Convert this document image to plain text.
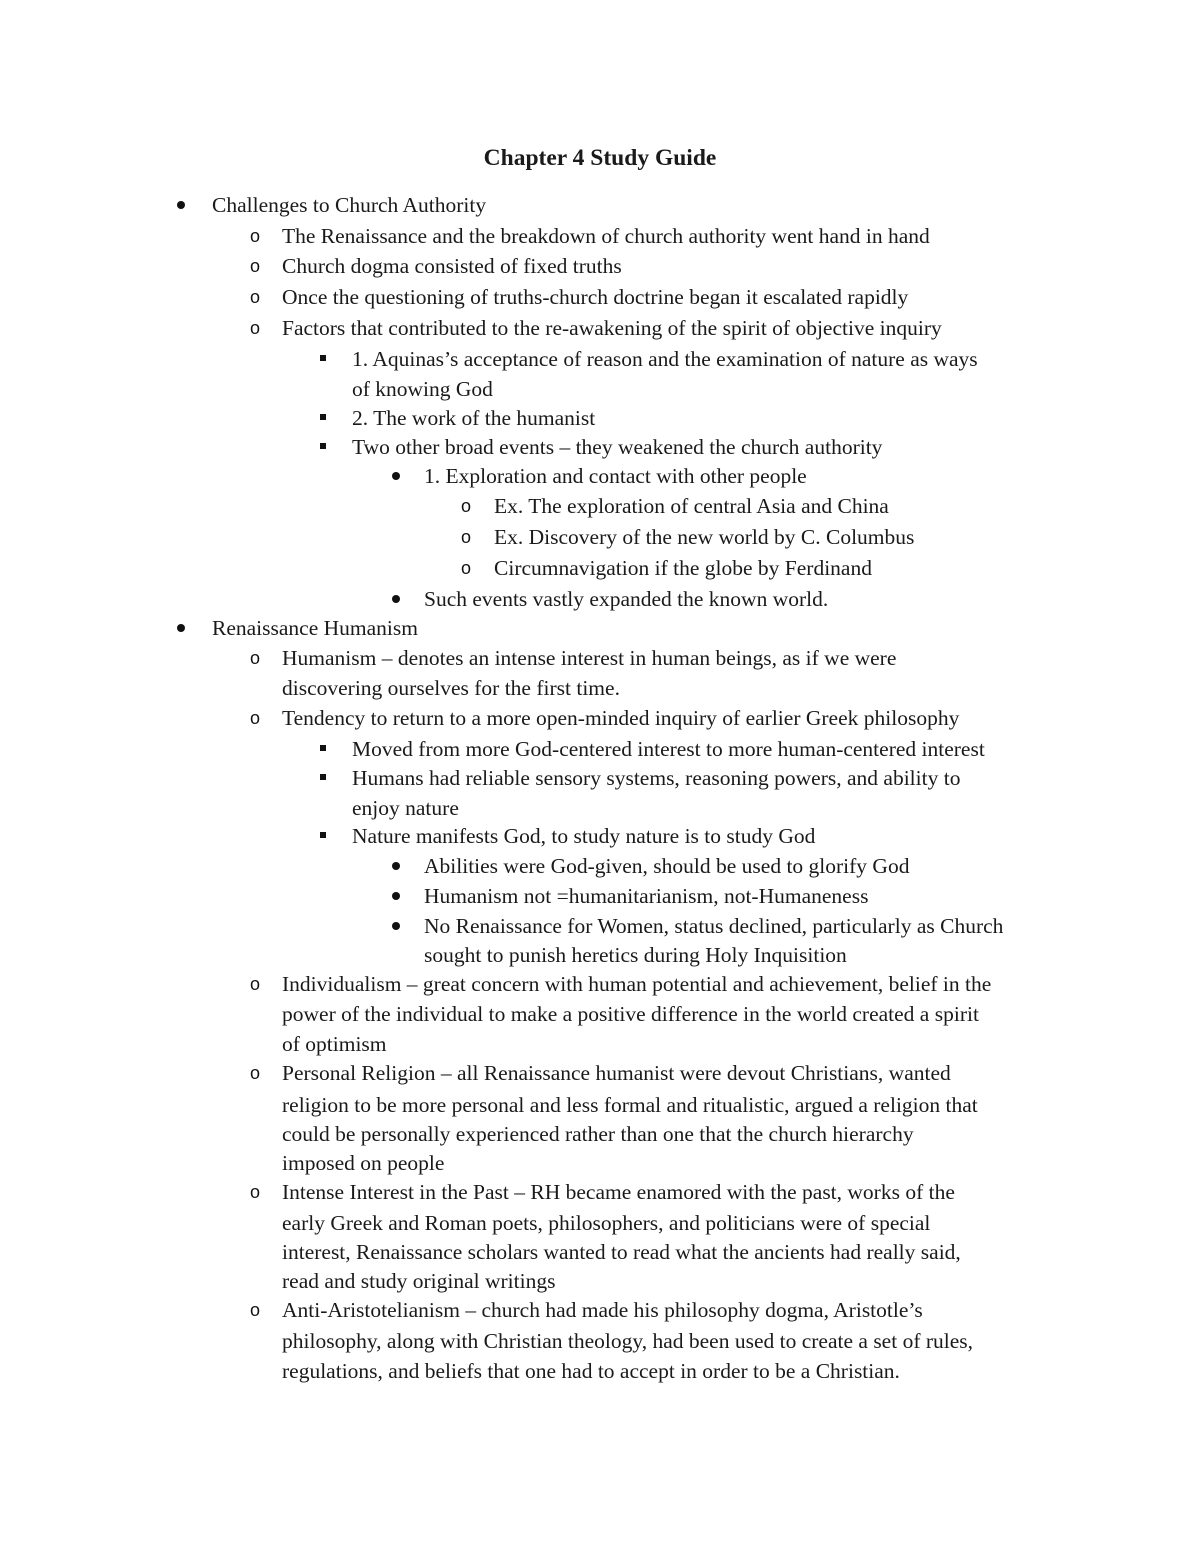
Chapter 4 Study Guide
Challenges to Church Authority
o The Renaissance and the breakdown of church authority went hand in hand
o Church dogma consisted of fixed truths
o Once the questioning of truths-church doctrine began it escalated rapidly
o Factors that contributed to the re-awakening of the spirit of objective inquiry
1. Aquinas’s acceptance of reason and the examination of nature as ways
of knowing God
2. The work of the humanist
Two other broad events – they weakened the church authority
1. Exploration and contact with other people
o Ex. The exploration of central Asia and China
o Ex. Discovery of the new world by C. Columbus
o Circumnavigation if the globe by Ferdinand
Such events vastly expanded the known world.
Renaissance Humanism
o Humanism – denotes an intense interest in human beings, as if we were
discovering ourselves for the first time.
o Tendency to return to a more open-minded inquiry of earlier Greek philosophy
Moved from more God-centered interest to more human-centered interest
Humans had reliable sensory systems, reasoning powers, and ability to
enjoy nature
Nature manifests God, to study nature is to study God
Abilities were God-given, should be used to glorify God
Humanism not =humanitarianism, not-Humaneness
No Renaissance for Women, status declined, particularly as Church
sought to punish heretics during Holy Inquisition
o Individualism – great concern with human potential and achievement, belief in the
power of the individual to make a positive difference in the world created a spirit
of optimism
o Personal Religion – all Renaissance humanist were devout Christians, wanted
religion to be more personal and less formal and ritualistic, argued a religion that
could be personally experienced rather than one that the church hierarchy
imposed on people
o Intense Interest in the Past – RH became enamored with the past, works of the
early Greek and Roman poets, philosophers, and politicians were of special
interest, Renaissance scholars wanted to read what the ancients had really said,
read and study original writings
o Anti-Aristotelianism – church had made his philosophy dogma, Aristotle’s
philosophy, along with Christian theology, had been used to create a set of rules,
regulations, and beliefs that one had to accept in order to be a Christian.
